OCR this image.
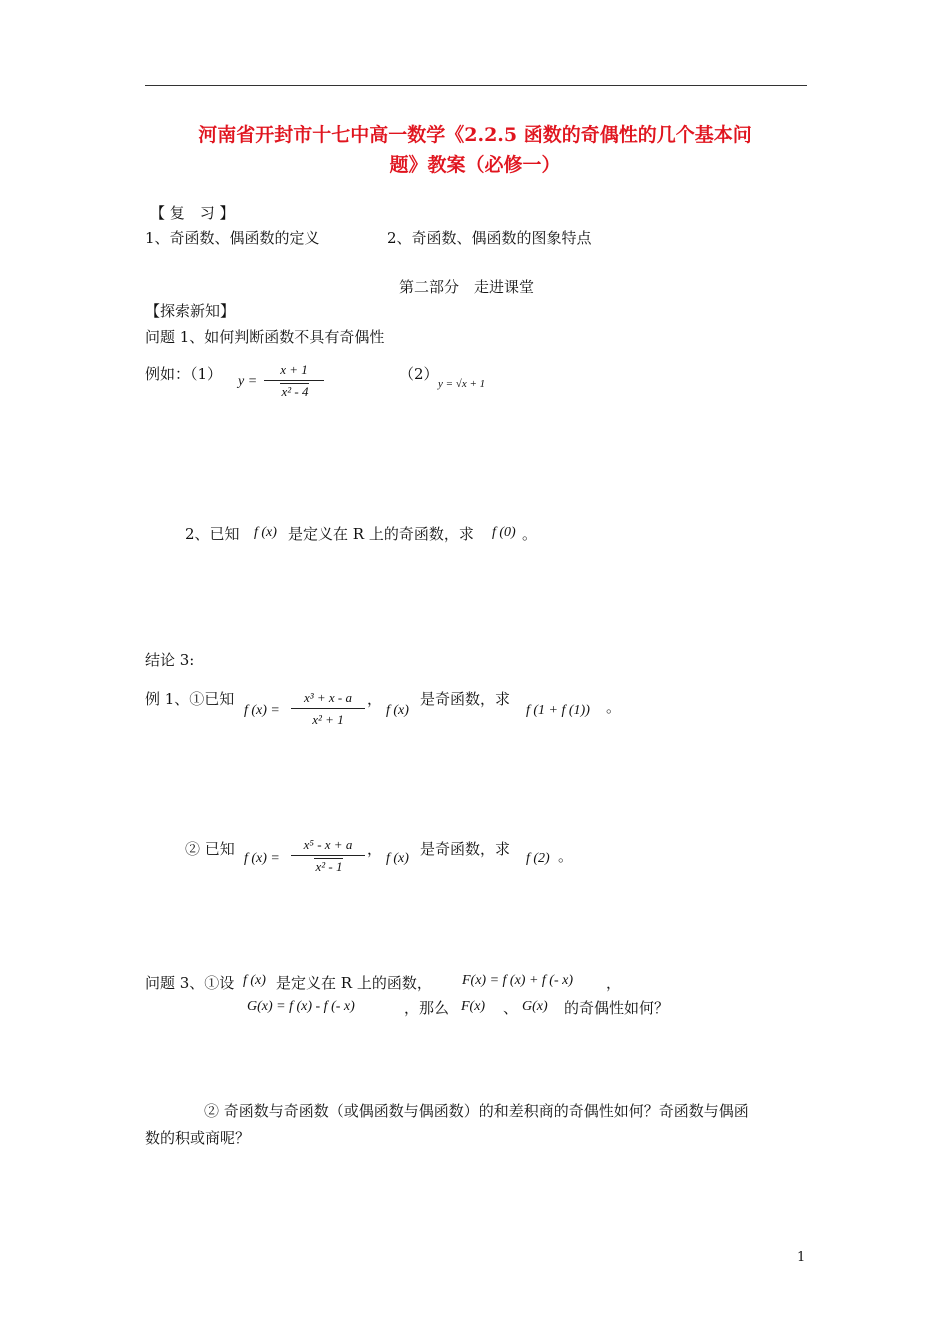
河南省开封市十七中高一数学《2.2.5 函数的奇偶性的几个基本问
题》教案（必修一）
【 复　习 】
1、奇函数、偶函数的定义	2、奇函数、偶函数的图象特点
第二部分　走进课堂
【探索新知】
问题 1、如何判断函数不具有奇偶性
例如：（1） $y = \frac{x + 1}{\text{x² - 4}}$	（2）
y = √x + 1
2、已知 f (x) 是定义在 R 上的奇函数，求 f (0) 。
结论 3:
例 1、①已知
f $(x) = \frac{\text{x³ + x - a}}{\text{x² + 1}}$ ，
f (x)
是奇函数，求
f (1 + f (1)) 。
② 已知
f $(x) = \frac{\text{x⁵ - x + a}}{\text{x² - 1}}$ ，
f (x)
是奇函数，求
f (2) 。
问题 3、①设 f (x) 是定义在 R 上的函数， F(x) = f (x) + f (- x) ，
G(x) = f (x) - f (- x)	，那么 F(x) 、 G(x) 的奇偶性如何？
② 奇函数与奇函数（或偶函数与偶函数）的和差积商的奇偶性如何？奇函数与偶函
数的积或商呢？
1
